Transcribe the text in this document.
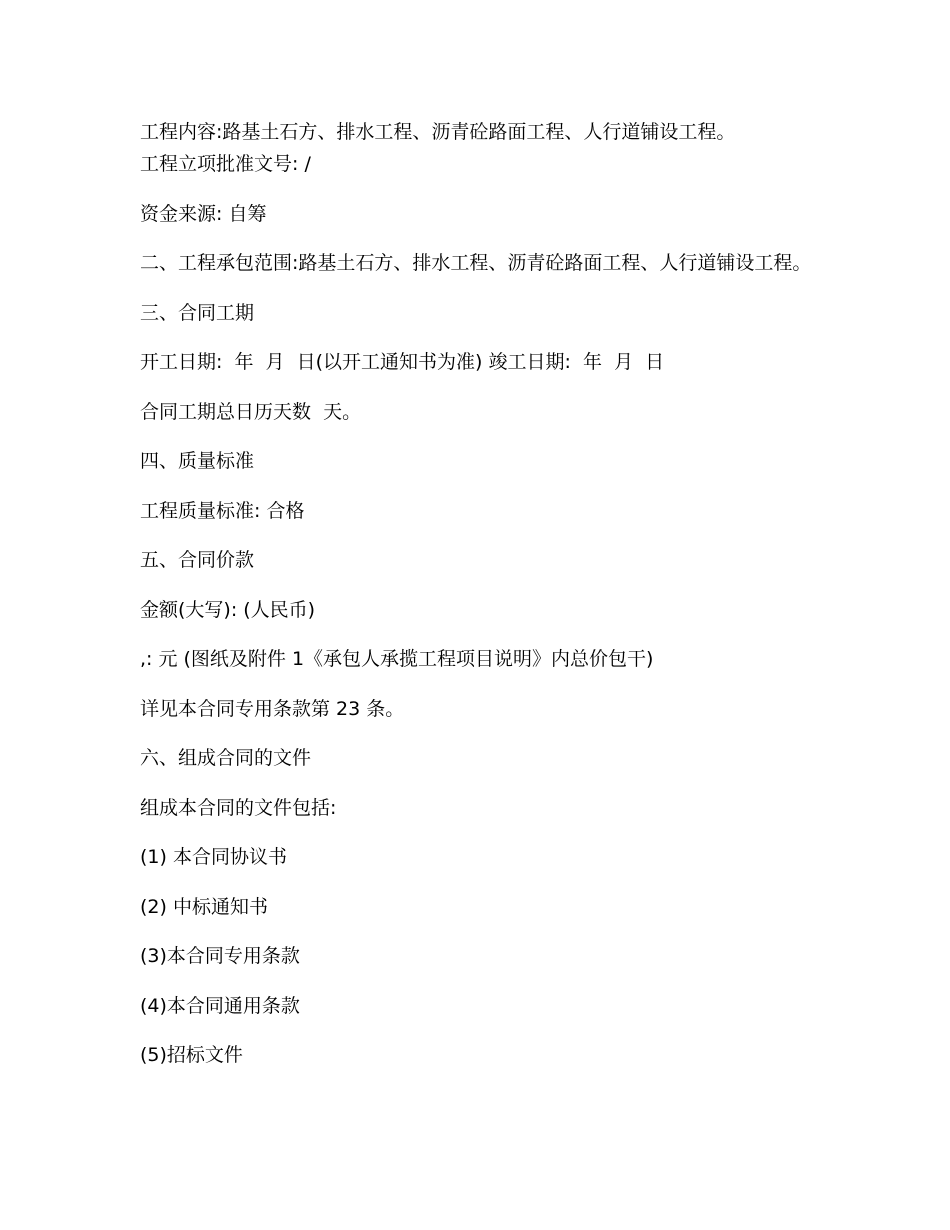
工程内容:路基土石方、排水工程、沥青砼路面工程、人行道铺设工程。

工程立项批准文号: /

资金来源: 自筹

二、工程承包范围:路基土石方、排水工程、沥青砼路面工程、人行道铺设工程。

三、合同工期

开工日期:  年  月  日(以开工通知书为准) 竣工日期:  年  月  日

合同工期总日历天数  天。

四、质量标准

工程质量标准: 合格

五、合同价款

金额(大写): (人民币)

,: 元 (图纸及附件 1《承包人承揽工程项目说明》内总价包干)

详见本合同专用条款第 23 条。

六、组成合同的文件

组成本合同的文件包括:

(1) 本合同协议书

(2) 中标通知书

(3)本合同专用条款

(4)本合同通用条款

(5)招标文件
